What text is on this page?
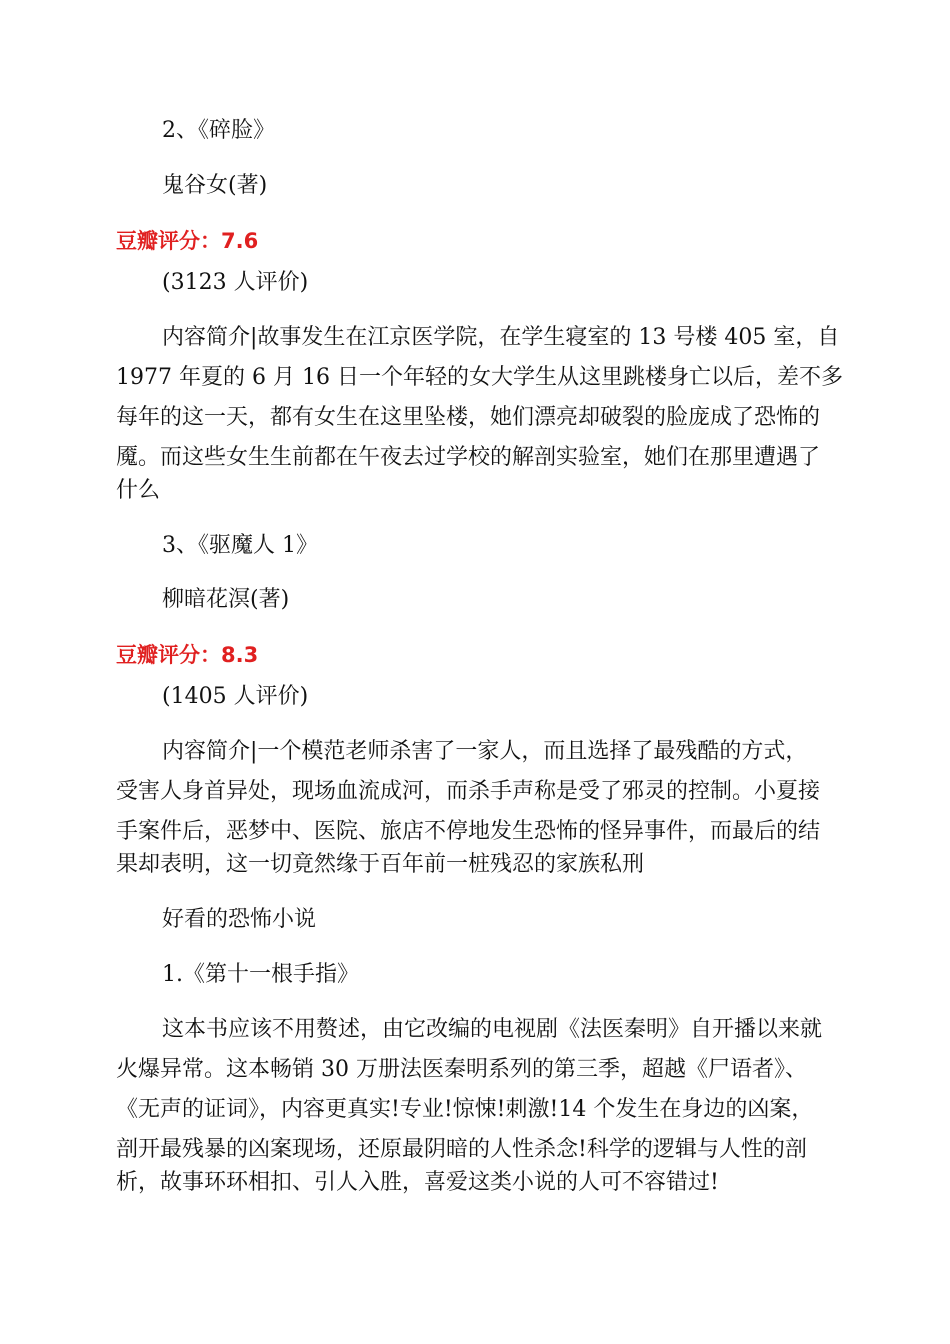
2、《碎脸》
鬼谷女(著)
豆瓣评分：7.6
(3123 人评价)
内容简介|故事发生在江京医学院，在学生寝室的 13 号楼 405 室，自
1977 年夏的 6 月 16 日一个年轻的女大学生从这里跳楼身亡以后，差不多
每年的这一天，都有女生在这里坠楼，她们漂亮却破裂的脸庞成了恐怖的
魇。而这些女生生前都在午夜去过学校的解剖实验室，她们在那里遭遇了
什么
3、《驱魔人 1》
柳暗花溟(著)
豆瓣评分：8.3
(1405 人评价)
内容简介|一个模范老师杀害了一家人，而且选择了最残酷的方式，
受害人身首异处，现场血流成河，而杀手声称是受了邪灵的控制。小夏接
手案件后，恶梦中、医院、旅店不停地发生恐怖的怪异事件，而最后的结
果却表明，这一切竟然缘于百年前一桩残忍的家族私刑
好看的恐怖小说
1.《第十一根手指》
这本书应该不用赘述，由它改编的电视剧《法医秦明》自开播以来就
火爆异常。这本畅销 30 万册法医秦明系列的第三季，超越《尸语者》、
《无声的证词》，内容更真实!专业!惊悚!刺激!14 个发生在身边的凶案，
剖开最残暴的凶案现场，还原最阴暗的人性杀念!科学的逻辑与人性的剖
析，故事环环相扣、引人入胜，喜爱这类小说的人可不容错过!
